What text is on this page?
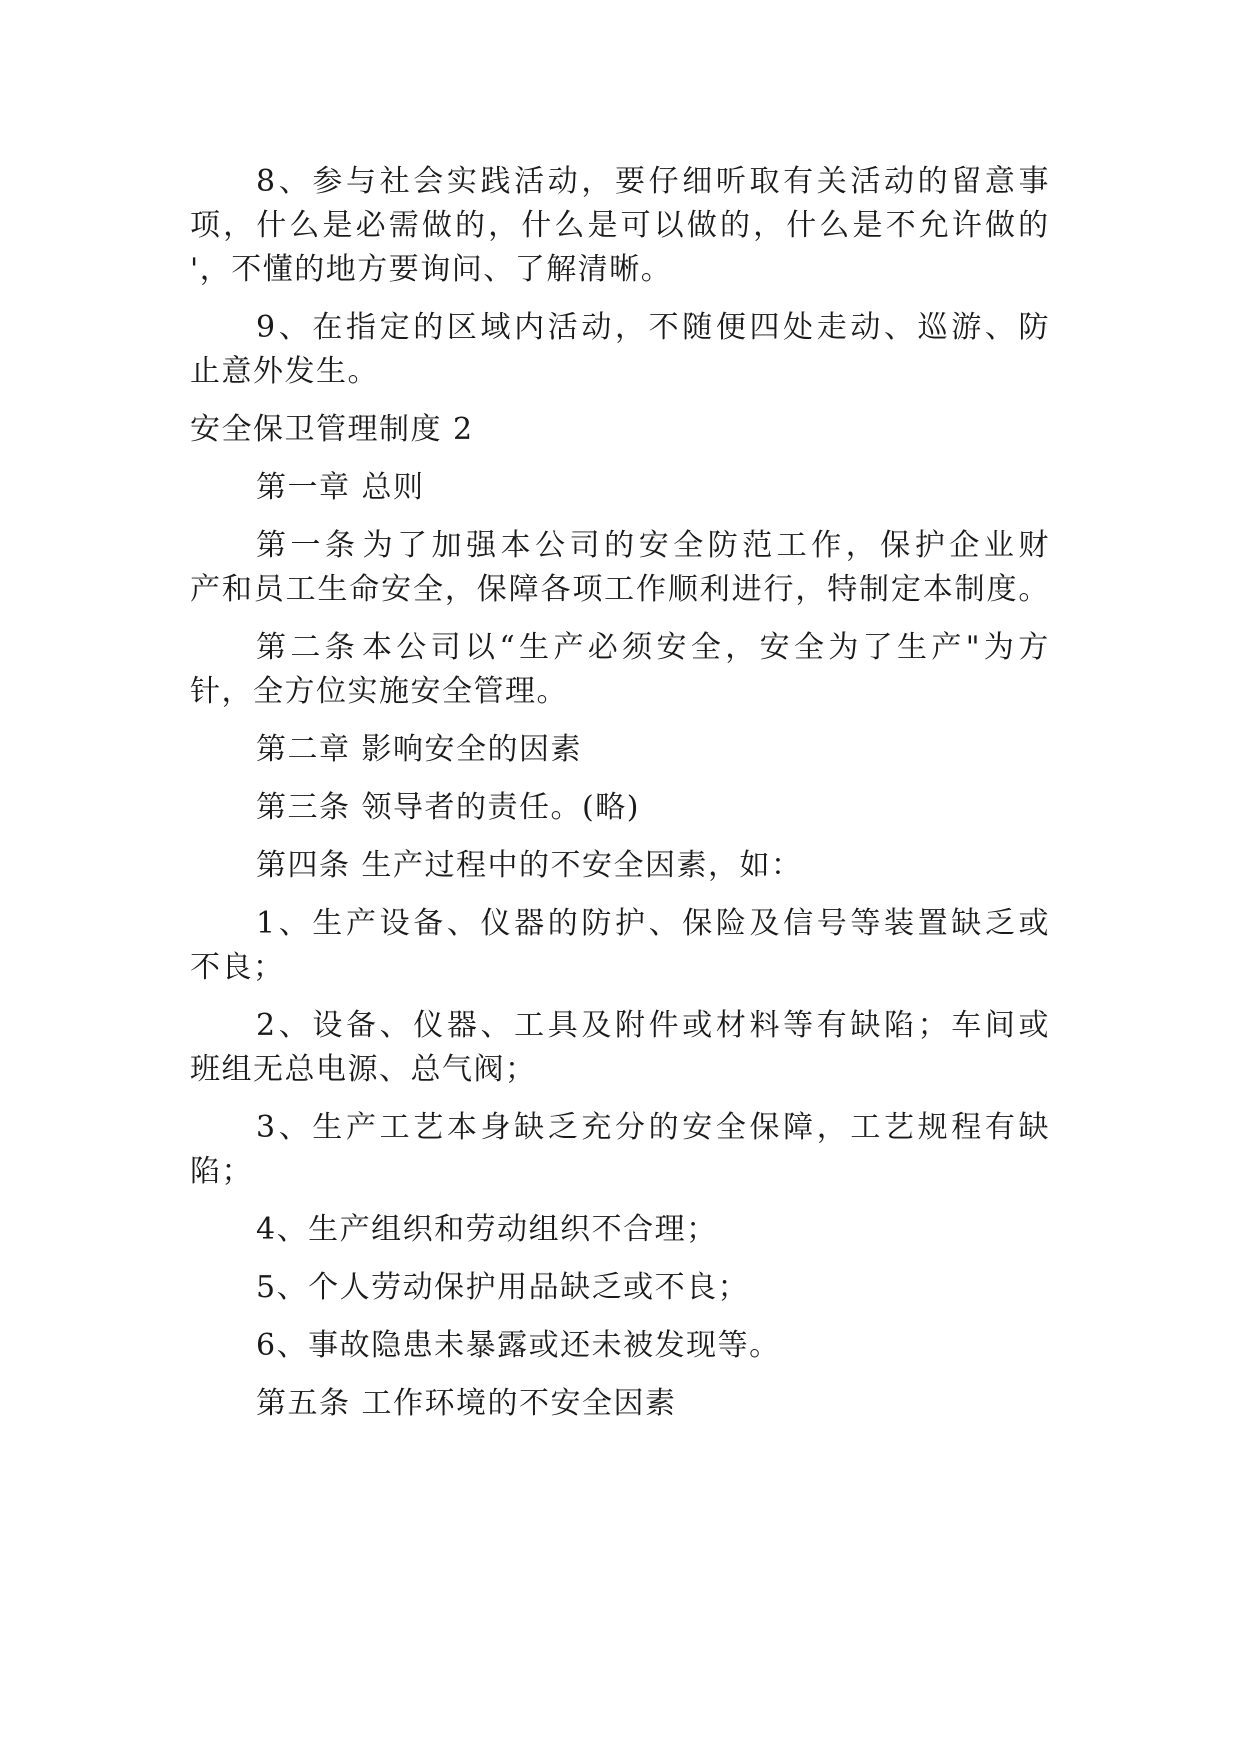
8 、 参 与 社 会 实 践 活 动 ， 要 仔 细 听 取 有 关 活 动 的 留 意 事
项 ， 什 么 是 必 需 做 的 ， 什 么 是 可 以 做 的 ， 什 么 是 不 允 许 做 的
'，不懂的地方要询问、了解清晰。
9 、 在 指 定 的 区 域 内 活 动 ， 不 随 便 四 处 走 动 、 巡 游 、 防
止意外发生。
安全保卫管理制度 2
第一章 总则
第 一 条 为 了 加 强 本 公 司 的 安 全 防 范 工 作 ， 保 护 企 业 财
产 和 员 工 生 命 安 全 ， 保 障 各 项 工 作 顺 利 进 行 ， 特 制 定 本 制 度 。
第 二 条 本 公 司 以 “ 生 产 必 须 安 全 ， 安 全 为 了 生 产 " 为 方
针，全方位实施安全管理。
第二章 影响安全的因素
第三条 领导者的责任。(略)
第四条 生产过程中的不安全因素，如：
1 、 生 产 设 备 、 仪 器 的 防 护 、 保 险 及 信 号 等 装 置 缺 乏 或
不良；
2 、 设 备 、 仪 器 、 工 具 及 附 件 或 材 料 等 有 缺 陷 ； 车 间 或
班组无总电源、总气阀；
3 、 生 产 工 艺 本 身 缺 乏 充 分 的 安 全 保 障 ， 工 艺 规 程 有 缺
陷；
4、生产组织和劳动组织不合理；
5、个人劳动保护用品缺乏或不良；
6、事故隐患未暴露或还未被发现等。
第五条 工作环境的不安全因素
